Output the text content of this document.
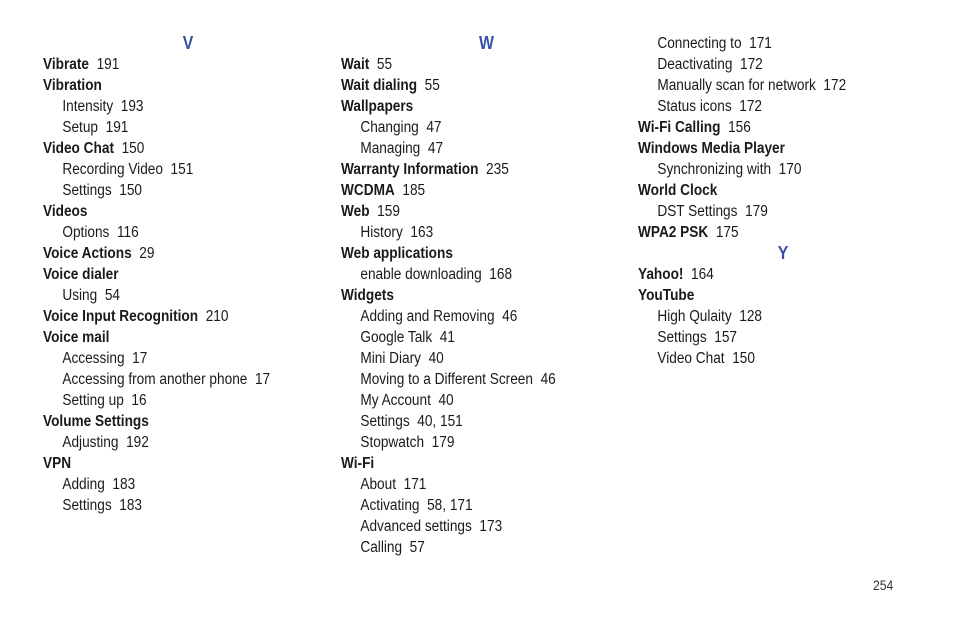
V
Vibrate 191
Vibration
Intensity 193
Setup 191
Video Chat 150
Recording Video 151
Settings 150
Videos
Options 116
Voice Actions 29
Voice dialer
Using 54
Voice Input Recognition 210
Voice mail
Accessing 17
Accessing from another phone 17
Setting up 16
Volume Settings
Adjusting 192
VPN
Adding 183
Settings 183
W
Wait 55
Wait dialing 55
Wallpapers
Changing 47
Managing 47
Warranty Information 235
WCDMA 185
Web 159
History 163
Web applications
enable downloading 168
Widgets
Adding and Removing 46
Google Talk 41
Mini Diary 40
Moving to a Different Screen 46
My Account 40
Settings 40, 151
Stopwatch 179
Wi-Fi
About 171
Activating 58, 171
Advanced settings 173
Calling 57
Connecting to 171
Deactivating 172
Manually scan for network 172
Status icons 172
Wi-Fi Calling 156
Windows Media Player
Synchronizing with 170
World Clock
DST Settings 179
WPA2 PSK 175
Y
Yahoo! 164
YouTube
High Qulaity 128
Settings 157
Video Chat 150
254
